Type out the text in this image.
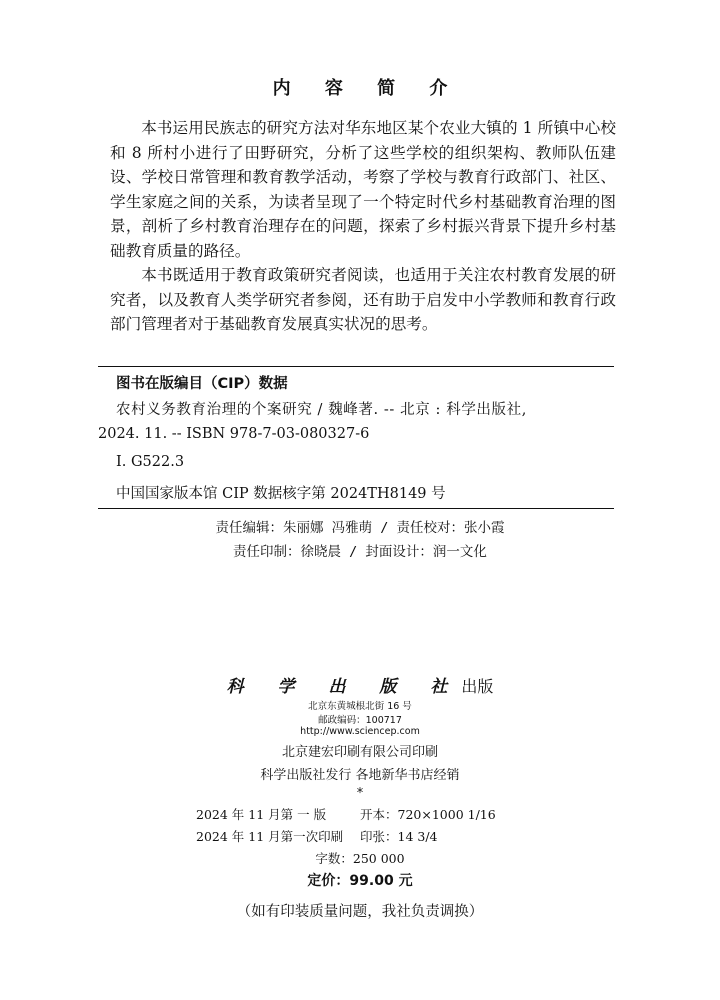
内 容 简 介

本书运用民族志的研究方法对华东地区某个农业大镇的 1 所镇中心校和 8 所村小进行了田野研究，分析了这些学校的组织架构、教师队伍建设、学校日常管理和教育教学活动，考察了学校与教育行政部门、社区、学生家庭之间的关系，为读者呈现了一个特定时代乡村基础教育治理的图景，剖析了乡村教育治理存在的问题，探索了乡村振兴背景下提升乡村基础教育质量的路径。

本书既适用于教育政策研究者阅读，也适用于关注农村教育发展的研究者，以及教育人类学研究者参阅，还有助于启发中小学教师和教育行政部门管理者对于基础教育发展真实状况的思考。

图书在版编目（CIP）数据
农村义务教育治理的个案研究 / 魏峰著. -- 北京 : 科学出版社,
2024. 11. -- ISBN 978-7-03-080327-6
Ⅰ. G522.3
中国国家版本馆 CIP 数据核字第 2024TH8149 号
责任编辑：朱丽娜 冯雅萌 / 责任校对：张小霞
责任印制：徐晓晨 / 封面设计：润一文化
科 学 出 版 社出版
北京东黄城根北街 16 号
邮政编码：100717
http://www.sciencep.com
北京建宏印刷有限公司印刷
科学出版社发行 各地新华书店经销
*
2024 年 11 月第 一 版	开本：720×1000 1/16
2024 年 11 月第一次印刷 印张：14 3/4
字数：250 000
定价：99.00 元
（如有印装质量问题，我社负责调换）
